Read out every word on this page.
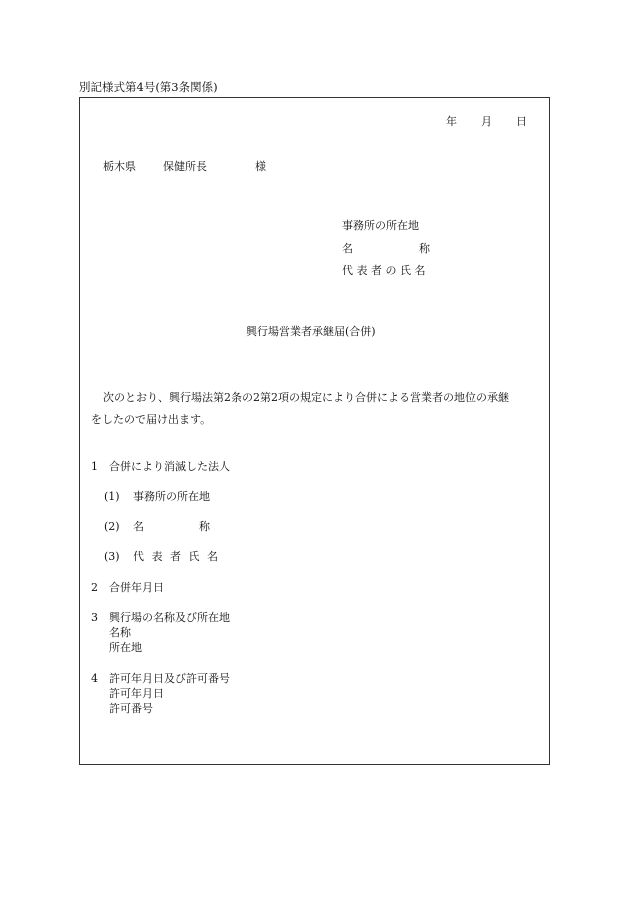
別記様式第4号(第3条関係)
年 月 日
栃木県 保健所長	様
事務所の所在地
名　　　　　　称
代 表 者 の 氏 名
興行場営業者承継届(合併)
次のとおり、興行場法第2条の2第2項の規定により合併による営業者の地位の承継
をしたので届け出ます。
1 合併により消滅した法人
(1) 事務所の所在地
(2) 名　　　　　称
(3) 代 表 者 氏 名
2 合併年月日
3 興行場の名称及び所在地
名称
所在地
4 許可年月日及び許可番号
許可年月日
許可番号
